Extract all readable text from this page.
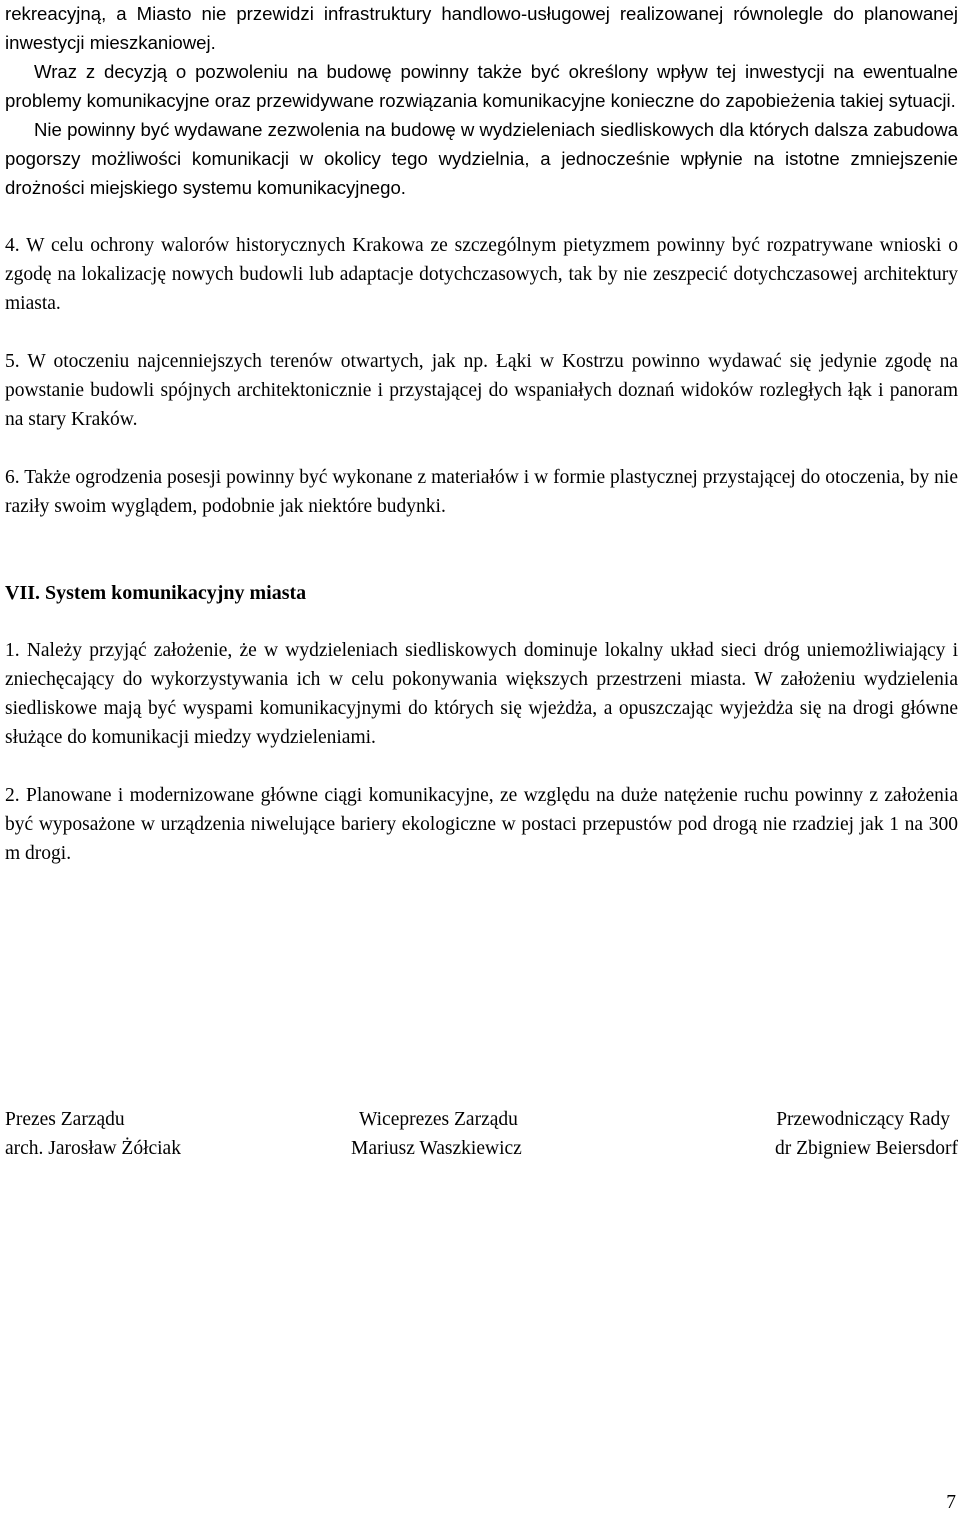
rekreacyjną, a Miasto nie przewidzi infrastruktury handlowo-usługowej realizowanej równolegle do planowanej inwestycji mieszkaniowej.

Wraz z decyzją o pozwoleniu na budowę powinny także być określony wpływ tej inwestycji na ewentualne problemy komunikacyjne oraz przewidywane rozwiązania komunikacyjne konieczne do zapobieżenia takiej sytuacji.

Nie powinny być wydawane zezwolenia na budowę w wydzieleniach siedliskowych dla których dalsza zabudowa pogorszy możliwości komunikacji w okolicy tego wydzielnia, a jednocześnie wpłynie na istotne zmniejszenie drożności miejskiego systemu komunikacyjnego.

4. W celu ochrony walorów historycznych Krakowa ze szczególnym pietyzmem powinny być rozpatrywane wnioski o zgodę na lokalizację nowych budowli lub adaptacje dotychczasowych, tak by nie zeszpecić dotychczasowej architektury miasta.

5. W otoczeniu najcenniejszych terenów otwartych, jak np. Łąki w Kostrzu powinno wydawać się jedynie zgodę na powstanie budowli spójnych architektonicznie i przystającej do wspaniałych doznań widoków rozległych łąk i panoram na stary Kraków.

6. Także ogrodzenia posesji powinny być wykonane z materiałów i w formie plastycznej przystającej do otoczenia, by nie raziły swoim wyglądem, podobnie jak niektóre budynki.

VII. System komunikacyjny miasta

1. Należy przyjąć założenie, że w wydzieleniach siedliskowych dominuje lokalny układ sieci dróg uniemożliwiający i zniechęcający do wykorzystywania ich w celu pokonywania większych przestrzeni miasta. W założeniu wydzielenia siedliskowe mają być wyspami komunikacyjnymi do których się wjeżdża, a opuszczając wyjeżdża się na drogi główne służące do komunikacji miedzy wydzieleniami.

2. Planowane i modernizowane główne ciągi komunikacyjne, ze względu na duże natężenie ruchu powinny z założenia być wyposażone w urządzenia niwelujące bariery ekologiczne w postaci przepustów pod drogą nie rzadziej jak 1 na 300 m drogi.

Prezes Zarządu	Wiceprezes Zarządu	Przewodniczący Rady
arch. Jarosław Żółciak	Mariusz Waszkiewicz	dr Zbigniew Beiersdorf
7
